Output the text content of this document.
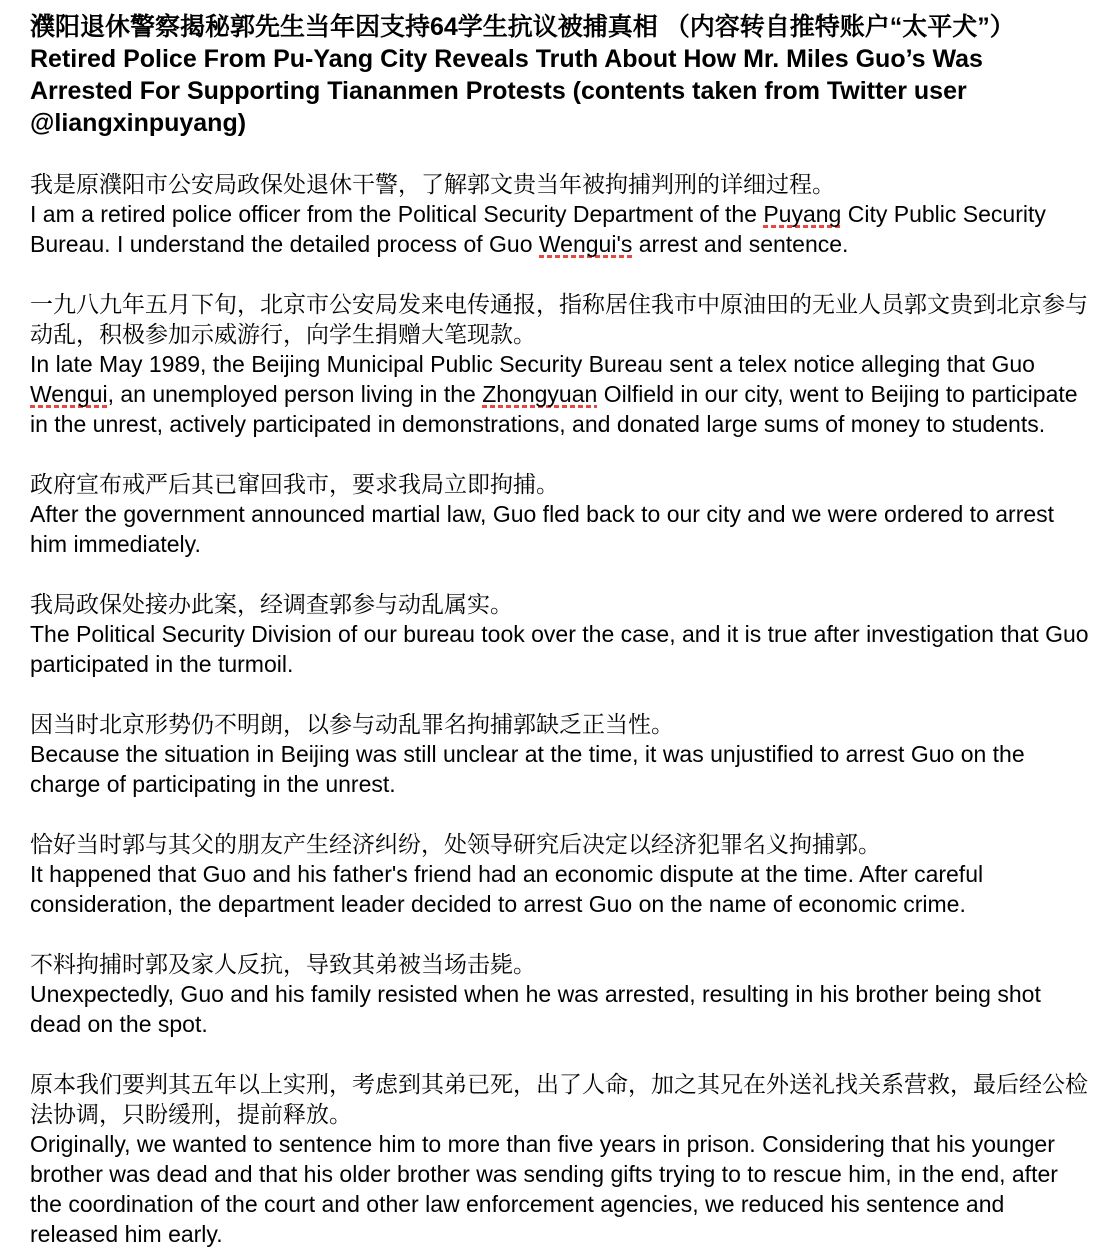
濮阳退休警察揭秘郭先生当年因支持64学生抗议被捕真相 （内容转自推特账户“太平犬”）
Retired Police From Pu-Yang City Reveals Truth About How Mr. Miles Guo’s Was Arrested For Supporting Tiananmen Protests (contents taken from Twitter user @liangxinpuyang)

我是原濮阳市公安局政保处退休干警，了解郭文贵当年被拘捕判刑的详细过程。

I am a retired police officer from the Political Security Department of the Puyang City Public Security Bureau. I understand the detailed process of Guo Wengui's arrest and sentence.

一九八九年五月下旬，北京市公安局发来电传通报，指称居住我市中原油田的无业人员郭文贵到北京参与动乱，积极参加示威游行，向学生捐赠大笔现款。

In late May 1989, the Beijing Municipal Public Security Bureau sent a telex notice alleging that Guo Wengui, an unemployed person living in the Zhongyuan Oilfield in our city, went to Beijing to participate in the unrest, actively participated in demonstrations, and donated large sums of money to students.

政府宣布戒严后其已窜回我市，要求我局立即拘捕。

After the government announced martial law, Guo fled back to our city and we were ordered to arrest him immediately.

我局政保处接办此案，经调查郭参与动乱属实。

The Political Security Division of our bureau took over the case, and it is true after investigation that Guo participated in the turmoil.

因当时北京形势仍不明朗，以参与动乱罪名拘捕郭缺乏正当性。

Because the situation in Beijing was still unclear at the time, it was unjustified to arrest Guo on the charge of participating in the unrest.

恰好当时郭与其父的朋友产生经济纠纷，处领导研究后决定以经济犯罪名义拘捕郭。

It happened that Guo and his father's friend had an economic dispute at the time. After careful consideration, the department leader decided to arrest Guo on the name of economic crime.

不料拘捕时郭及家人反抗，导致其弟被当场击毙。

Unexpectedly, Guo and his family resisted when he was arrested, resulting in his brother being shot dead on the spot.

原本我们要判其五年以上实刑，考虑到其弟已死，出了人命，加之其兄在外送礼找关系营救，最后经公检法协调，只盼缓刑，提前释放。

Originally, we wanted to sentence him to more than five years in prison. Considering that his younger brother was dead and that his older brother was sending gifts trying to to rescue him, in the end, after the coordination of the court and other law enforcement agencies, we reduced his sentence and released him early.
